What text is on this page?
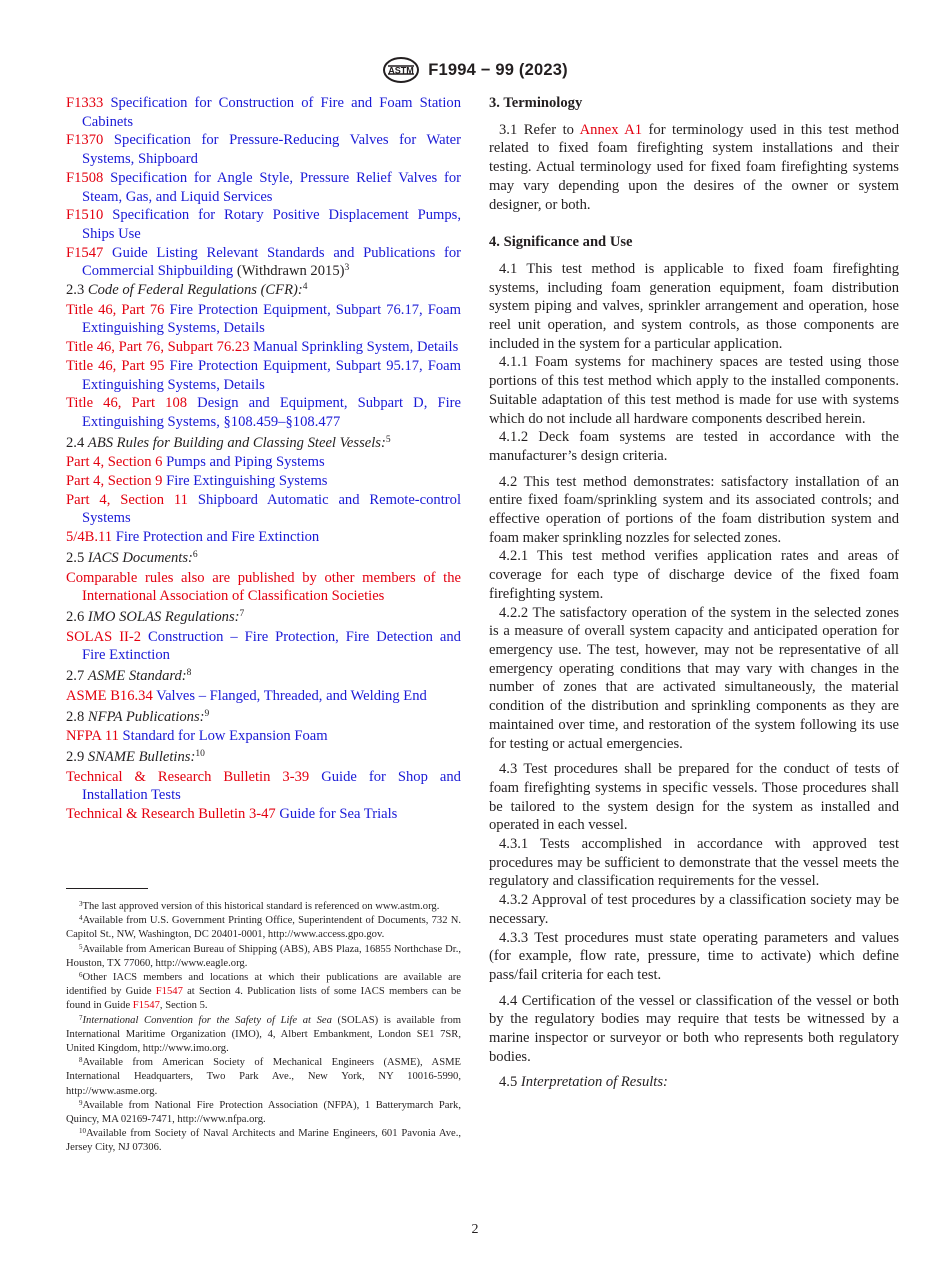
ASTM F1994 − 99 (2023)
F1333 Specification for Construction of Fire and Foam Station Cabinets
F1370 Specification for Pressure-Reducing Valves for Water Systems, Shipboard
F1508 Specification for Angle Style, Pressure Relief Valves for Steam, Gas, and Liquid Services
F1510 Specification for Rotary Positive Displacement Pumps, Ships Use
F1547 Guide Listing Relevant Standards and Publications for Commercial Shipbuilding (Withdrawn 2015)$^3$
2.3 Code of Federal Regulations (CFR):$^4$
Title 46, Part 76 Fire Protection Equipment, Subpart 76.17, Foam Extinguishing Systems, Details
Title 46, Part 76, Subpart 76.23 Manual Sprinkling System, Details
Title 46, Part 95 Fire Protection Equipment, Subpart 95.17, Foam Extinguishing Systems, Details
Title 46, Part 108 Design and Equipment, Subpart D, Fire Extinguishing Systems, §108.459–§108.477
2.4 ABS Rules for Building and Classing Steel Vessels:$^5$
Part 4, Section 6 Pumps and Piping Systems
Part 4, Section 9 Fire Extinguishing Systems
Part 4, Section 11 Shipboard Automatic and Remote-control Systems
5/4B.11 Fire Protection and Fire Extinction
2.5 IACS Documents:$^6$
Comparable rules also are published by other members of the International Association of Classification Societies
2.6 IMO SOLAS Regulations:$^7$
SOLAS II-2 Construction – Fire Protection, Fire Detection and Fire Extinction
2.7 ASME Standard:$^8$
ASME B16.34 Valves – Flanged, Threaded, and Welding End
2.8 NFPA Publications:$^9$
NFPA 11 Standard for Low Expansion Foam
2.9 SNAME Bulletins:$^{10}$
Technical & Research Bulletin 3-39 Guide for Shop and Installation Tests
Technical & Research Bulletin 3-47 Guide for Sea Trials
$^3$The last approved version of this historical standard is referenced on www.astm.org.
$^4$Available from U.S. Government Printing Office, Superintendent of Documents, 732 N. Capitol St., NW, Washington, DC 20401-0001, http://www.access.gpo.gov.
$^5$Available from American Bureau of Shipping (ABS), ABS Plaza, 16855 Northchase Dr., Houston, TX 77060, http://www.eagle.org.
$^6$Other IACS members and locations at which their publications are available are identified by Guide F1547 at Section 4. Publication lists of some IACS members can be found in Guide F1547, Section 5.
$^7$International Convention for the Safety of Life at Sea (SOLAS) is available from International Maritime Organization (IMO), 4, Albert Embankment, London SE1 7SR, United Kingdom, http://www.imo.org.
$^8$Available from American Society of Mechanical Engineers (ASME), ASME International Headquarters, Two Park Ave., New York, NY 10016-5990, http://www.asme.org.
$^9$Available from National Fire Protection Association (NFPA), 1 Batterymarch Park, Quincy, MA 02169-7471, http://www.nfpa.org.
$^{10}$Available from Society of Naval Architects and Marine Engineers, 601 Pavonia Ave., Jersey City, NJ 07306.
3. Terminology

3.1 Refer to Annex A1 for terminology used in this test method related to fixed foam firefighting system installations and their testing. Actual terminology used for fixed foam firefighting systems may vary depending upon the desires of the owner or system designer, or both.

4. Significance and Use

4.1 This test method is applicable to fixed foam firefighting systems, including foam generation equipment, foam distribution system piping and valves, sprinkler arrangement and operation, hose reel unit operation, and system controls, as those components are included in the system for a particular application.

4.1.1 Foam systems for machinery spaces are tested using those portions of this test method which apply to the installed components. Suitable adaptation of this test method is made for use with systems which do not include all hardware components described herein.

4.1.2 Deck foam systems are tested in accordance with the manufacturer’s design criteria.

4.2 This test method demonstrates: satisfactory installation of an entire fixed foam/sprinkling system and its associated controls; and effective operation of portions of the foam distribution system and foam maker sprinkling nozzles for selected zones.

4.2.1 This test method verifies application rates and areas of coverage for each type of discharge device of the fixed foam firefighting system.

4.2.2 The satisfactory operation of the system in the selected zones is a measure of overall system capacity and anticipated operation for emergency use. The test, however, may not be representative of all emergency operating conditions that may vary with changes in the number of zones that are activated simultaneously, the material condition of the distribution and sprinkling components as they are maintained over time, and restoration of the system following its use for testing or actual emergencies.

4.3 Test procedures shall be prepared for the conduct of tests of foam firefighting systems in specific vessels. Those procedures shall be tailored to the system design for the system as installed and operated in each vessel.

4.3.1 Tests accomplished in accordance with approved test procedures may be sufficient to demonstrate that the vessel meets the regulatory and classification requirements for the vessel.

4.3.2 Approval of test procedures by a classification society may be necessary.

4.3.3 Test procedures must state operating parameters and values (for example, flow rate, pressure, time to activate) which define pass/fail criteria for each test.

4.4 Certification of the vessel or classification of the vessel or both by the regulatory bodies may require that tests be witnessed by a marine inspector or surveyor or both who represents both regulatory bodies.

4.5 Interpretation of Results:

2
